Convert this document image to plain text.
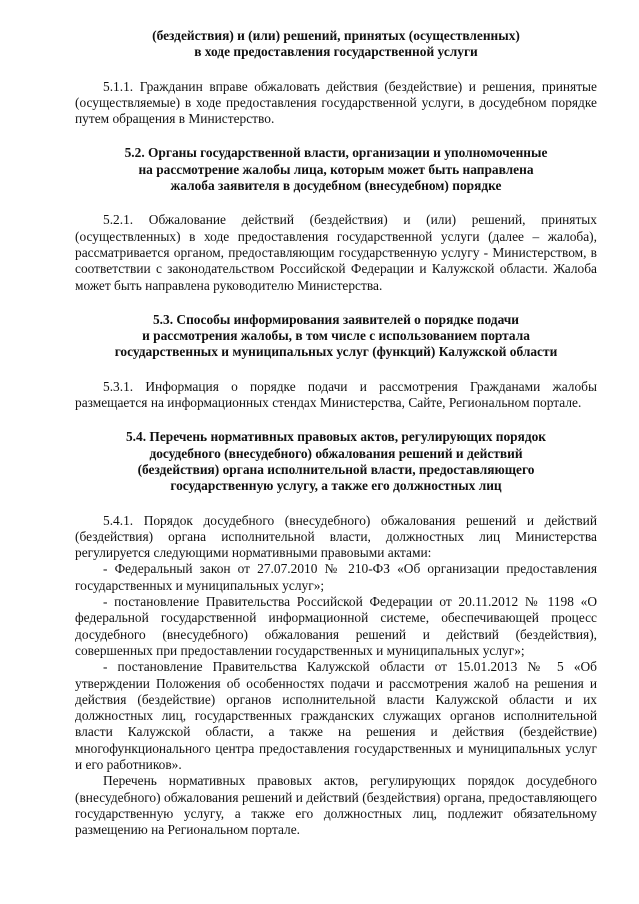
(бездействия) и (или) решений, принятых (осуществленных)

в ходе предоставления государственной услуги

5.1.1. Гражданин вправе обжаловать действия (бездействие) и решения, принятые (осуществляемые) в ходе предоставления государственной услуги, в досудебном порядке путем обращения в Министерство.

5.2. Органы государственной власти, организации и уполномоченные

на рассмотрение жалобы лица, которым может быть направлена

жалоба заявителя в досудебном (внесудебном) порядке

5.2.1. Обжалование действий (бездействия) и (или) решений, принятых (осуществленных) в ходе предоставления государственной услуги (далее – жалоба), рассматривается органом, предоставляющим государственную услугу - Министерством, в соответствии с законодательством Российской Федерации и Калужской области. Жалоба может быть направлена руководителю Министерства.

5.3. Способы информирования заявителей о порядке подачи

и рассмотрения жалобы, в том числе с использованием портала

государственных и муниципальных услуг (функций) Калужской области

5.3.1. Информация о порядке подачи и рассмотрения Гражданами жалобы размещается на информационных стендах Министерства, Сайте, Региональном портале.

5.4. Перечень нормативных правовых актов, регулирующих порядок

досудебного (внесудебного) обжалования решений и действий

(бездействия) органа исполнительной власти, предоставляющего

государственную услугу, а также его должностных лиц

5.4.1. Порядок досудебного (внесудебного) обжалования решений и действий (бездействия) органа исполнительной власти, должностных лиц Министерства регулируется следующими нормативными правовыми актами:

- Федеральный закон от 27.07.2010 № 210-ФЗ «Об организации предоставления государственных и муниципальных услуг»;

- постановление Правительства Российской Федерации от 20.11.2012 № 1198 «О федеральной государственной информационной системе, обеспечивающей процесс досудебного (внесудебного) обжалования решений и действий (бездействия), совершенных при предоставлении государственных и муниципальных услуг»;

- постановление Правительства Калужской области от 15.01.2013 № 5 «Об утверждении Положения об особенностях подачи и рассмотрения жалоб на решения и действия (бездействие) органов исполнительной власти Калужской области и их должностных лиц, государственных гражданских служащих органов исполнительной власти Калужской области, а также на решения и действия (бездействие) многофункционального центра предоставления государственных и муниципальных услуг и его работников».

Перечень нормативных правовых актов, регулирующих порядок досудебного (внесудебного) обжалования решений и действий (бездействия) органа, предоставляющего государственную услугу, а также его должностных лиц, подлежит обязательному размещению на Региональном портале.
